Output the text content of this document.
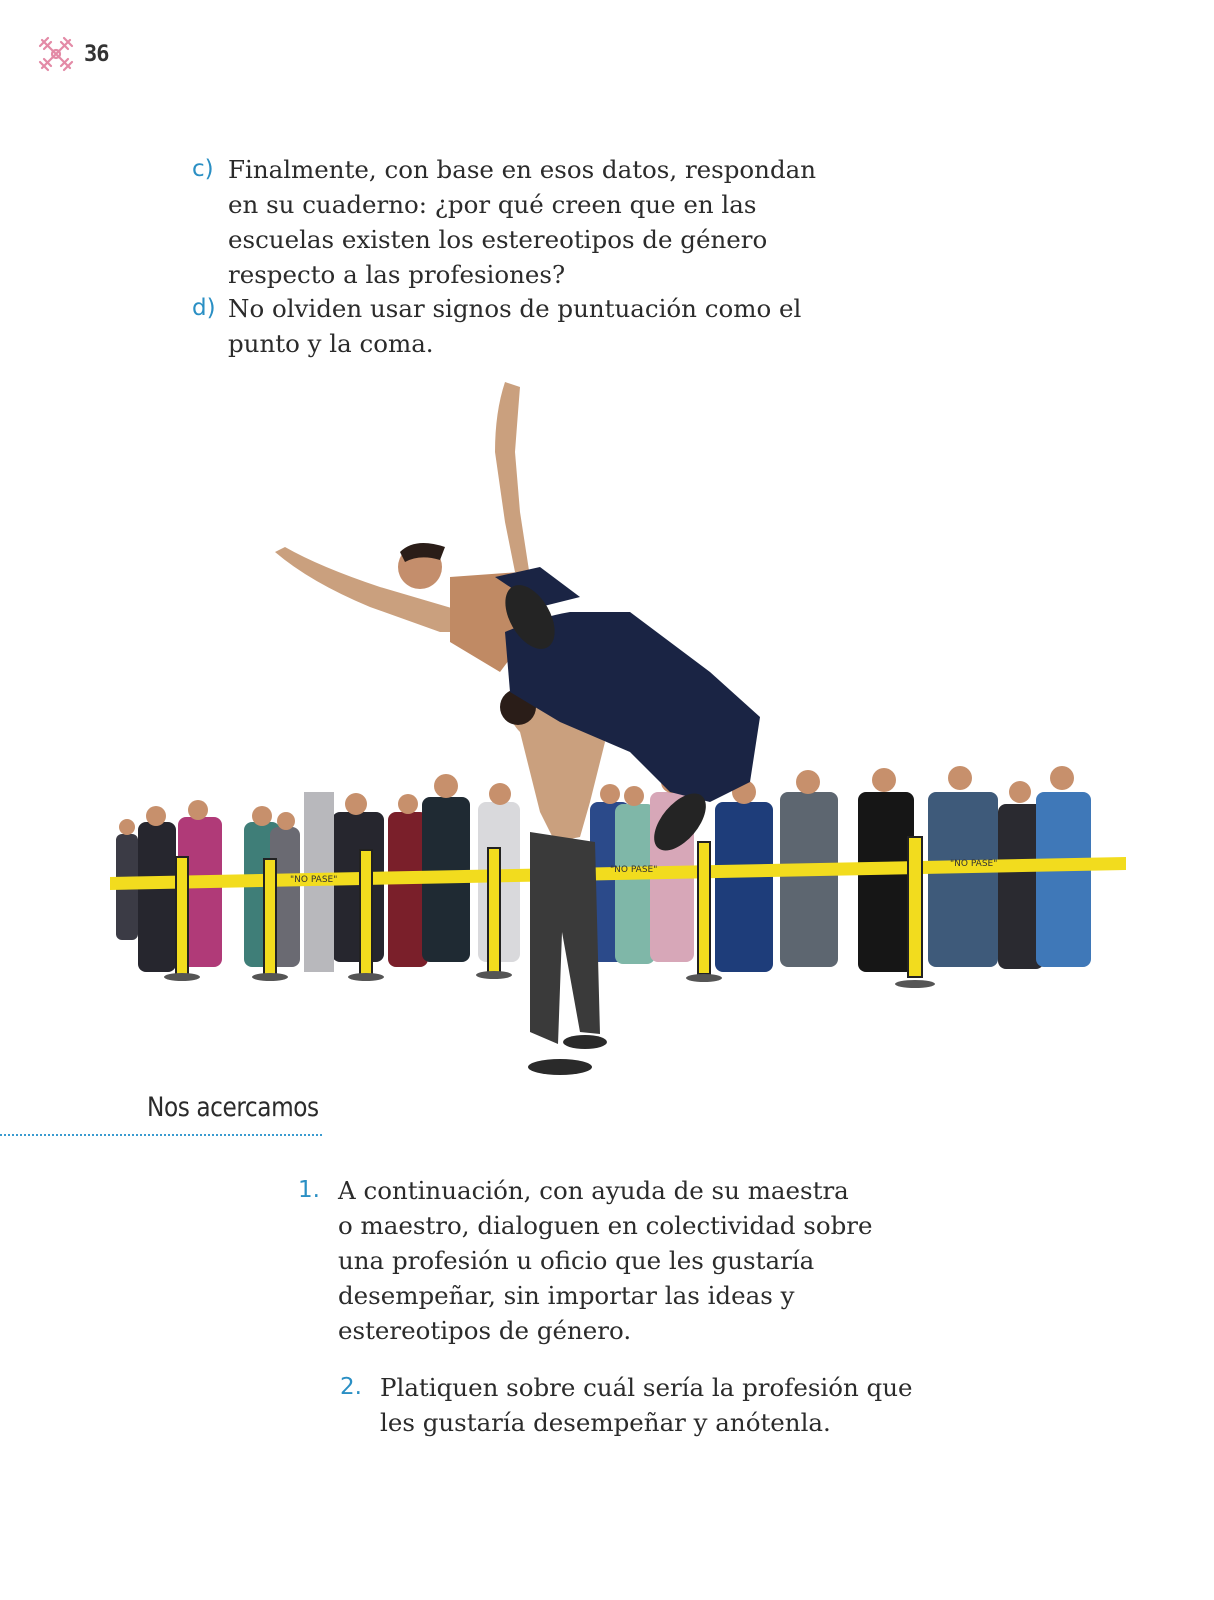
36
c) Finalmente, con base en esos datos, respondan
en su cuaderno: ¿por qué creen que en las
escuelas existen los estereotipos de género
respecto a las profesiones?
d) No olviden usar signos de puntuación como el
punto y la coma.
"NO PASE"
"NO PASE"
"NO PASE"
Nos acercamos
1. A continuación, con ayuda de su maestra
o maestro, dialoguen en colectividad sobre
una profesión u oficio que les gustaría
desempeñar, sin importar las ideas y
estereotipos de género.
2. Platiquen sobre cuál sería la profesión que
les gustaría desempeñar y anótenla.
